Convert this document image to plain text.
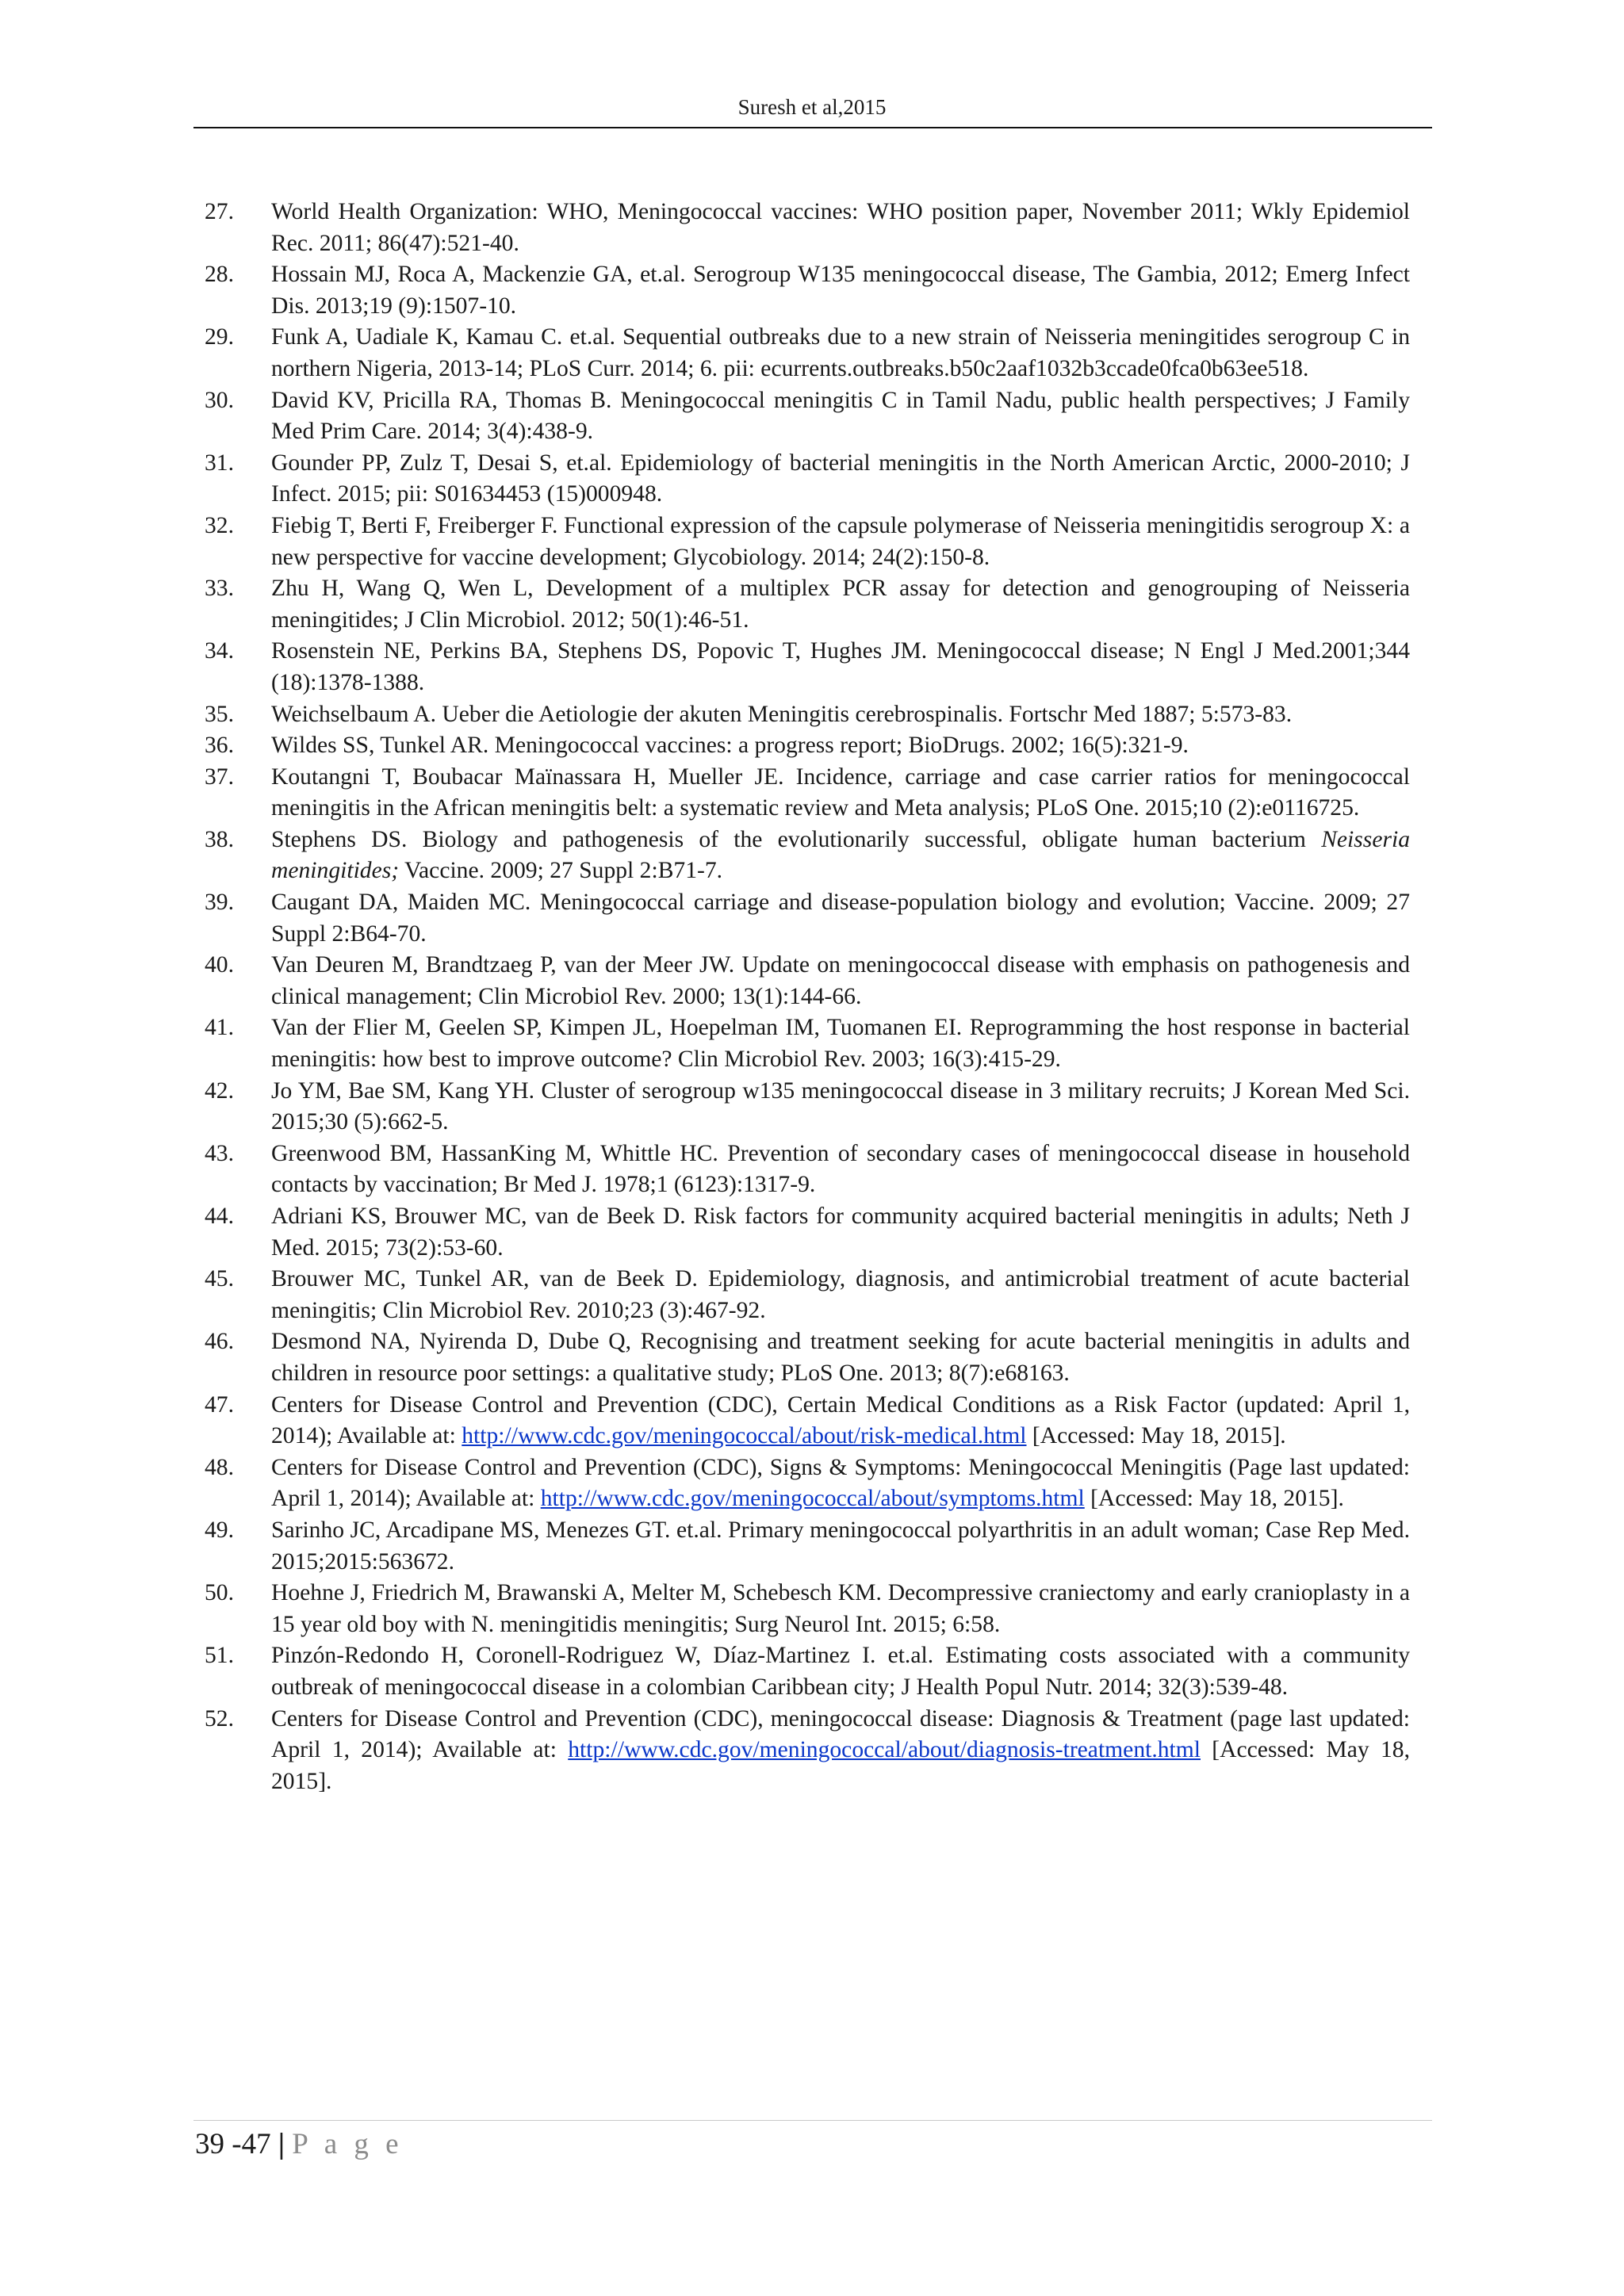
Suresh et al,2015
27.	World Health Organization: WHO, Meningococcal vaccines: WHO position paper, November 2011; Wkly Epidemiol Rec. 2011; 86(47):521-40.
28.	Hossain MJ, Roca A, Mackenzie GA, et.al. Serogroup W135 meningococcal disease, The Gambia, 2012; Emerg Infect Dis. 2013;19 (9):1507-10.
29.	Funk A, Uadiale K, Kamau C. et.al. Sequential outbreaks due to a new strain of Neisseria meningitides serogroup C in northern Nigeria, 2013-14; PLoS Curr. 2014; 6. pii: ecurrents.outbreaks.b50c2aaf1032b3ccade0fca0b63ee518.
30.	David KV, Pricilla RA, Thomas B. Meningococcal meningitis C in Tamil Nadu, public health perspectives; J Family Med Prim Care. 2014; 3(4):438-9.
31.	Gounder PP, Zulz T, Desai S, et.al. Epidemiology of bacterial meningitis in the North American Arctic, 2000-2010; J Infect. 2015; pii: S01634453 (15)000948.
32.	Fiebig T, Berti F, Freiberger F. Functional expression of the capsule polymerase of Neisseria meningitidis serogroup X: a new perspective for vaccine development; Glycobiology. 2014; 24(2):150-8.
33.	Zhu H, Wang Q, Wen L, Development of a multiplex PCR assay for detection and genogrouping of Neisseria meningitides; J Clin Microbiol. 2012; 50(1):46-51.
34.	Rosenstein NE, Perkins BA, Stephens DS, Popovic T, Hughes JM. Meningococcal disease; N Engl J Med.2001;344 (18):1378-1388.
35.	Weichselbaum A. Ueber die Aetiologie der akuten Meningitis cerebrospinalis. Fortschr Med 1887; 5:573-83.
36.	Wildes SS, Tunkel AR. Meningococcal vaccines: a progress report; BioDrugs. 2002; 16(5):321-9.
37.	Koutangni T, Boubacar Maïnassara H, Mueller JE. Incidence, carriage and case carrier ratios for meningococcal meningitis in the African meningitis belt: a systematic review and Meta analysis; PLoS One. 2015;10 (2):e0116725.
38.	Stephens DS. Biology and pathogenesis of the evolutionarily successful, obligate human bacterium Neisseria meningitides; Vaccine. 2009; 27 Suppl 2:B71-7.
39.	Caugant DA, Maiden MC. Meningococcal carriage and disease-population biology and evolution; Vaccine. 2009; 27 Suppl 2:B64-70.
40.	Van Deuren M, Brandtzaeg P, van der Meer JW. Update on meningococcal disease with emphasis on pathogenesis and clinical management; Clin Microbiol Rev. 2000; 13(1):144-66.
41.	Van der Flier M, Geelen SP, Kimpen JL, Hoepelman IM, Tuomanen EI. Reprogramming the host response in bacterial meningitis: how best to improve outcome? Clin Microbiol Rev. 2003; 16(3):415-29.
42.	Jo YM, Bae SM, Kang YH. Cluster of serogroup w135 meningococcal disease in 3 military recruits; J Korean Med Sci. 2015;30 (5):662-5.
43.	Greenwood BM, HassanKing M, Whittle HC. Prevention of secondary cases of meningococcal disease in household contacts by vaccination; Br Med J. 1978;1 (6123):1317-9.
44.	Adriani KS, Brouwer MC, van de Beek D. Risk factors for community acquired bacterial meningitis in adults; Neth J Med. 2015; 73(2):53-60.
45.	Brouwer MC, Tunkel AR, van de Beek D. Epidemiology, diagnosis, and antimicrobial treatment of acute bacterial meningitis; Clin Microbiol Rev. 2010;23 (3):467-92.
46.	Desmond NA, Nyirenda D, Dube Q, Recognising and treatment seeking for acute bacterial meningitis in adults and children in resource poor settings: a qualitative study; PLoS One. 2013; 8(7):e68163.
47.	Centers for Disease Control and Prevention (CDC), Certain Medical Conditions as a Risk Factor (updated: April 1, 2014); Available at: http://www.cdc.gov/meningococcal/about/risk-medical.html [Accessed: May 18, 2015].
48.	Centers for Disease Control and Prevention (CDC), Signs & Symptoms: Meningococcal Meningitis (Page last updated: April 1, 2014); Available at: http://www.cdc.gov/meningococcal/about/symptoms.html [Accessed: May 18, 2015].
49.	Sarinho JC, Arcadipane MS, Menezes GT. et.al. Primary meningococcal polyarthritis in an adult woman; Case Rep Med. 2015;2015:563672.
50.	Hoehne J, Friedrich M, Brawanski A, Melter M, Schebesch KM. Decompressive craniectomy and early cranioplasty in a 15 year old boy with N. meningitidis meningitis; Surg Neurol Int. 2015; 6:58.
51.	Pinzón-Redondo H, Coronell-Rodriguez W, Díaz-Martinez I. et.al. Estimating costs associated with a community outbreak of meningococcal disease in a colombian Caribbean city; J Health Popul Nutr. 2014; 32(3):539-48.
52.	Centers for Disease Control and Prevention (CDC), meningococcal disease: Diagnosis & Treatment (page last updated: April 1, 2014); Available at: http://www.cdc.gov/meningococcal/about/diagnosis-treatment.html [Accessed: May 18, 2015].
39 -47 | P a g e
